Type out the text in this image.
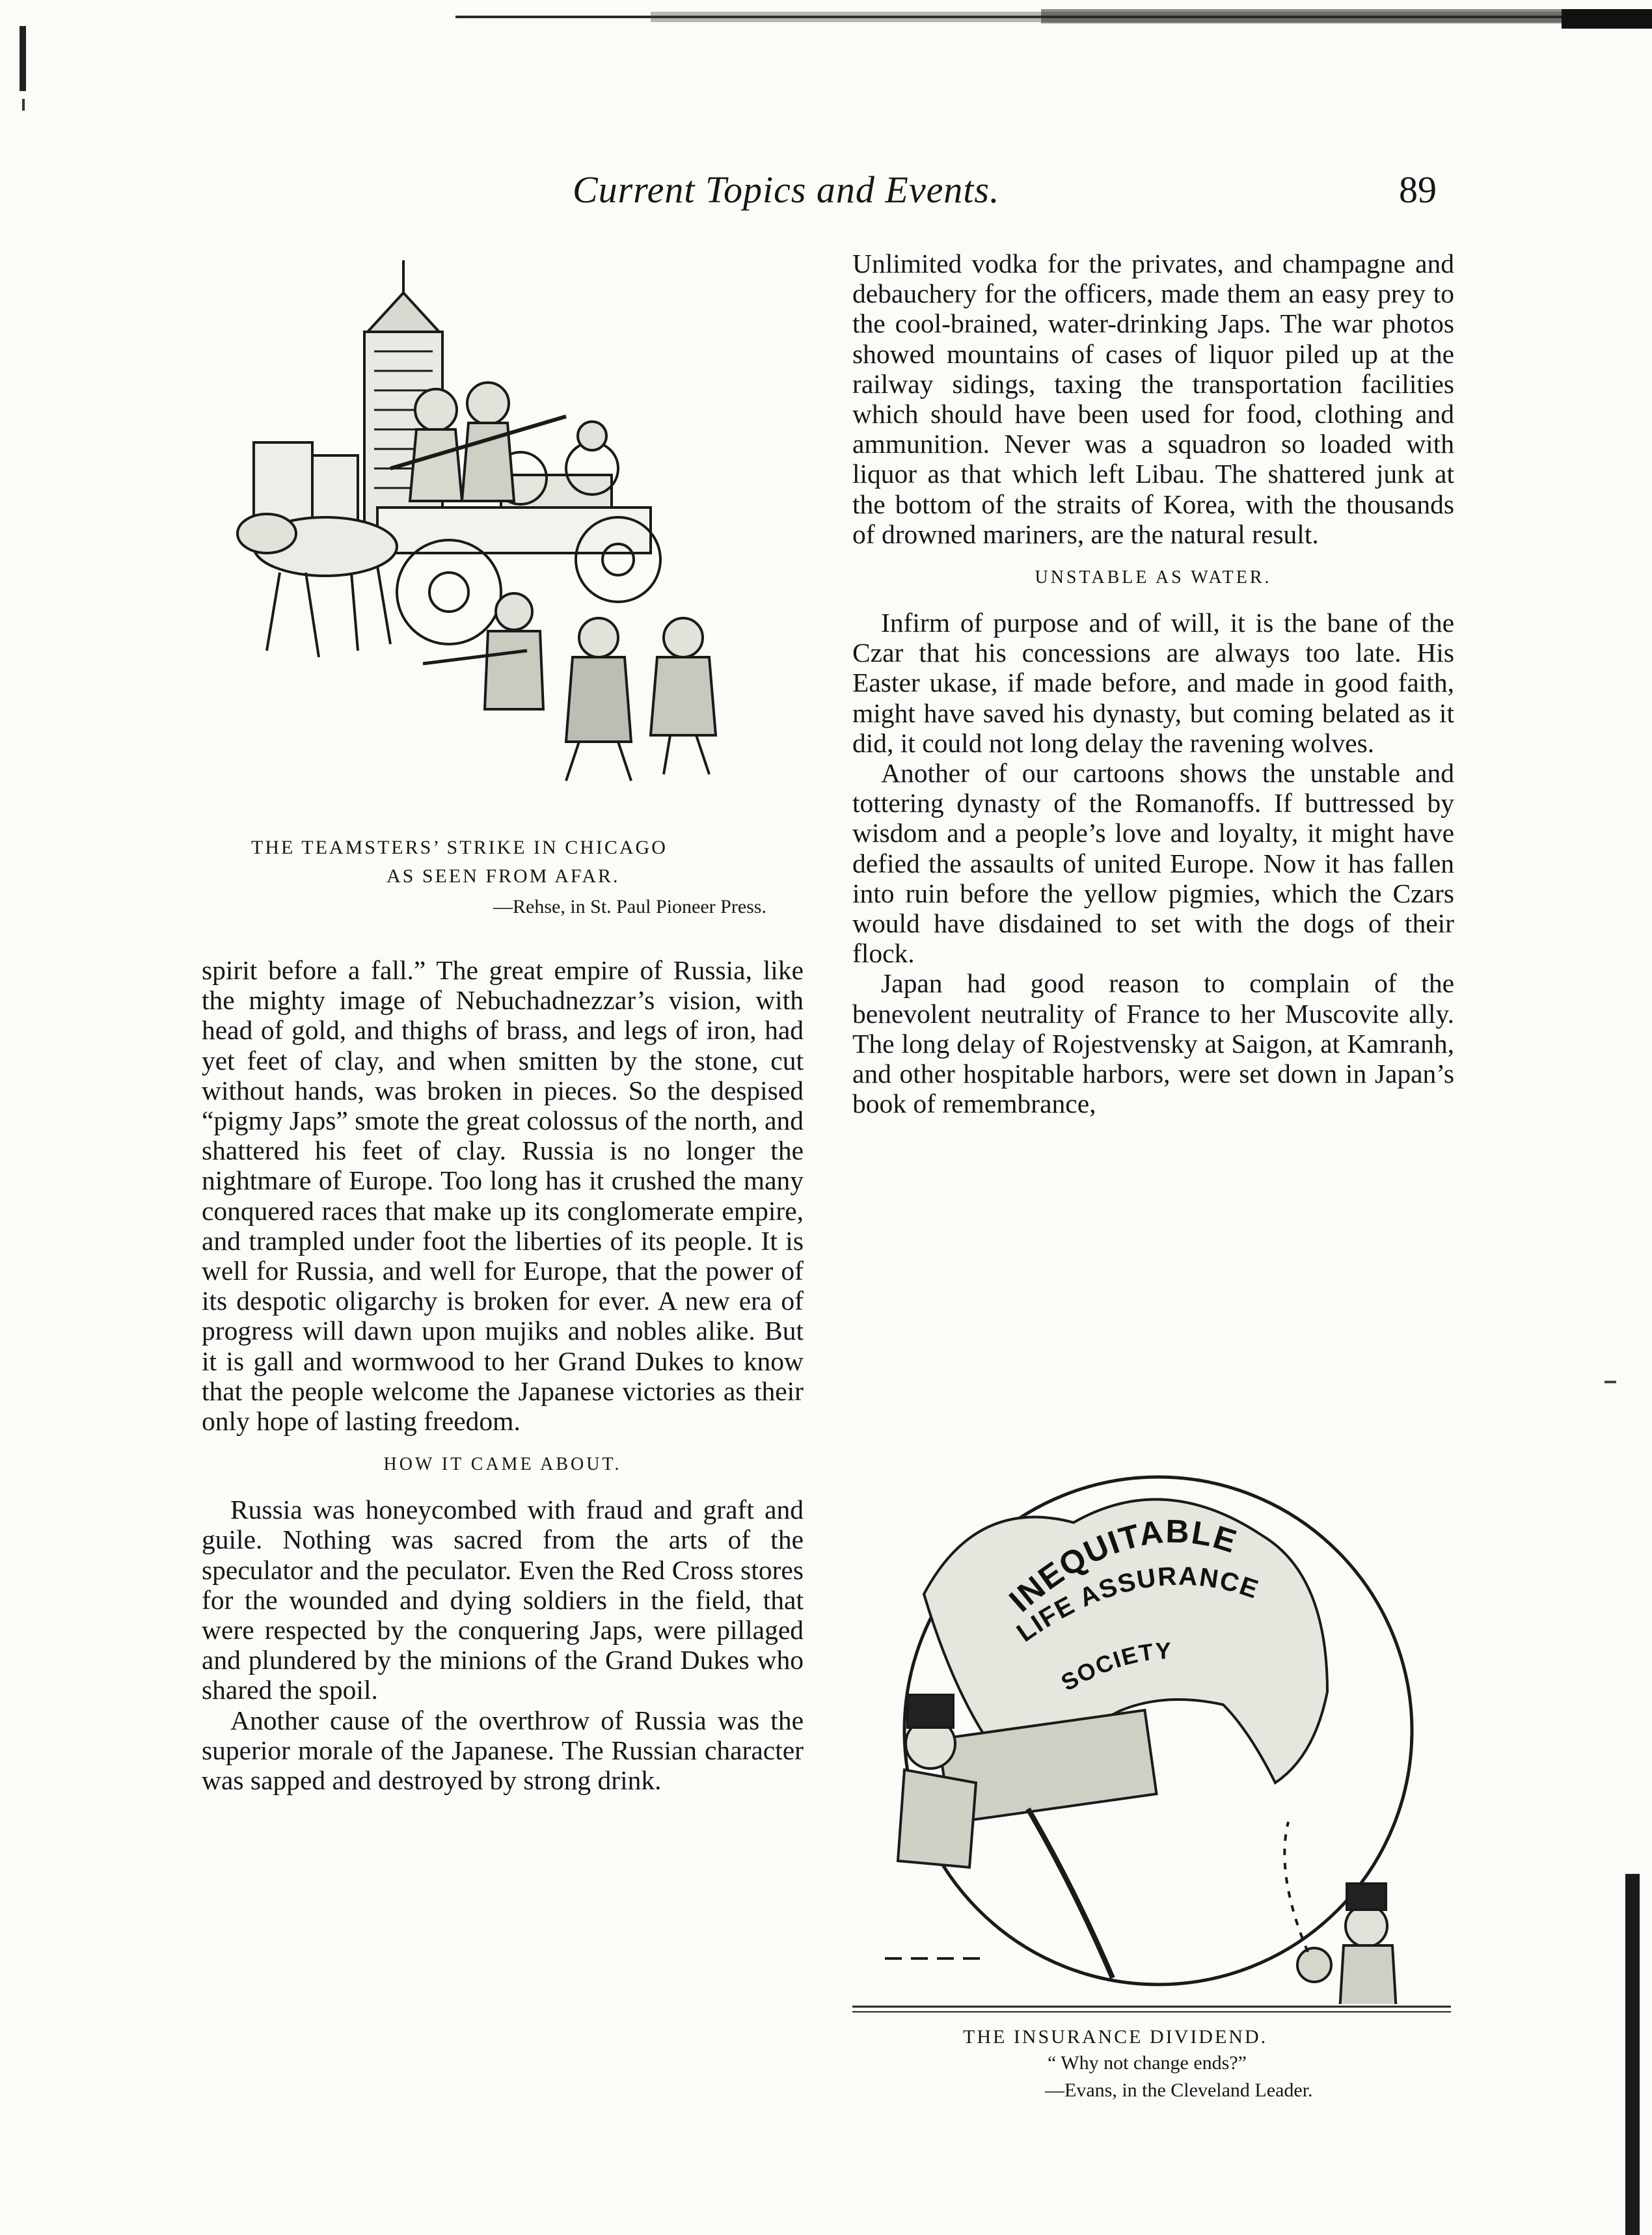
Current Topics and Events.	89
THE TEAMSTERS’ STRIKE IN CHICAGO
AS SEEN FROM AFAR.
—Rehse, in St. Paul Pioneer Press.

spirit before a fall.” The great empire of Russia, like the mighty image of Nebuchadnezzar’s vision, with head of gold, and thighs of brass, and legs of iron, had yet feet of clay, and when smitten by the stone, cut without hands, was broken in pieces. So the despised “pigmy Japs” smote the great colossus of the north, and shattered his feet of clay. Russia is no longer the nightmare of Europe. Too long has it crushed the many conquered races that make up its conglomerate empire, and trampled under foot the liberties of its people. It is well for Russia, and well for Europe, that the power of its despotic oligarchy is broken for ever. A new era of progress will dawn upon mujiks and nobles alike. But it is gall and wormwood to her Grand Dukes to know that the people welcome the Japanese victories as their only hope of lasting freedom.

HOW IT CAME ABOUT.

Russia was honeycombed with fraud and graft and guile. Nothing was sacred from the arts of the speculator and the peculator. Even the Red Cross stores for the wounded and dying soldiers in the field, that were respected by the conquering Japs, were pillaged and plundered by the minions of the Grand Dukes who shared the spoil.

Another cause of the overthrow of Russia was the superior morale of the Japanese. The Russian character was sapped and destroyed by strong drink.

Unlimited vodka for the privates, and champagne and debauchery for the officers, made them an easy prey to the cool-brained, water-drinking Japs. The war photos showed mountains of cases of liquor piled up at the railway sidings, taxing the transportation facilities which should have been used for food, clothing and ammunition. Never was a squadron so loaded with liquor as that which left Libau. The shattered junk at the bottom of the straits of Korea, with the thousands of drowned mariners, are the natural result.

UNSTABLE AS WATER.

Infirm of purpose and of will, it is the bane of the Czar that his concessions are always too late. His Easter ukase, if made before, and made in good faith, might have saved his dynasty, but coming belated as it did, it could not long delay the ravening wolves.

Another of our cartoons shows the unstable and tottering dynasty of the Romanoffs. If buttressed by wisdom and a people’s love and loyalty, it might have defied the assaults of united Europe. Now it has fallen into ruin before the yellow pigmies, which the Czars would have disdained to set with the dogs of their flock.

Japan had good reason to complain of the benevolent neutrality of France to her Muscovite ally. The long delay of Rojestvensky at Saigon, at Kamranh, and other hospitable harbors, were set down in Japan’s book of remembrance,

INEQUITABLE
LIFE ASSURANCE
SOCIETY
THE INSURANCE DIVIDEND.
“ Why not change ends?”
—Evans, in the Cleveland Leader.
